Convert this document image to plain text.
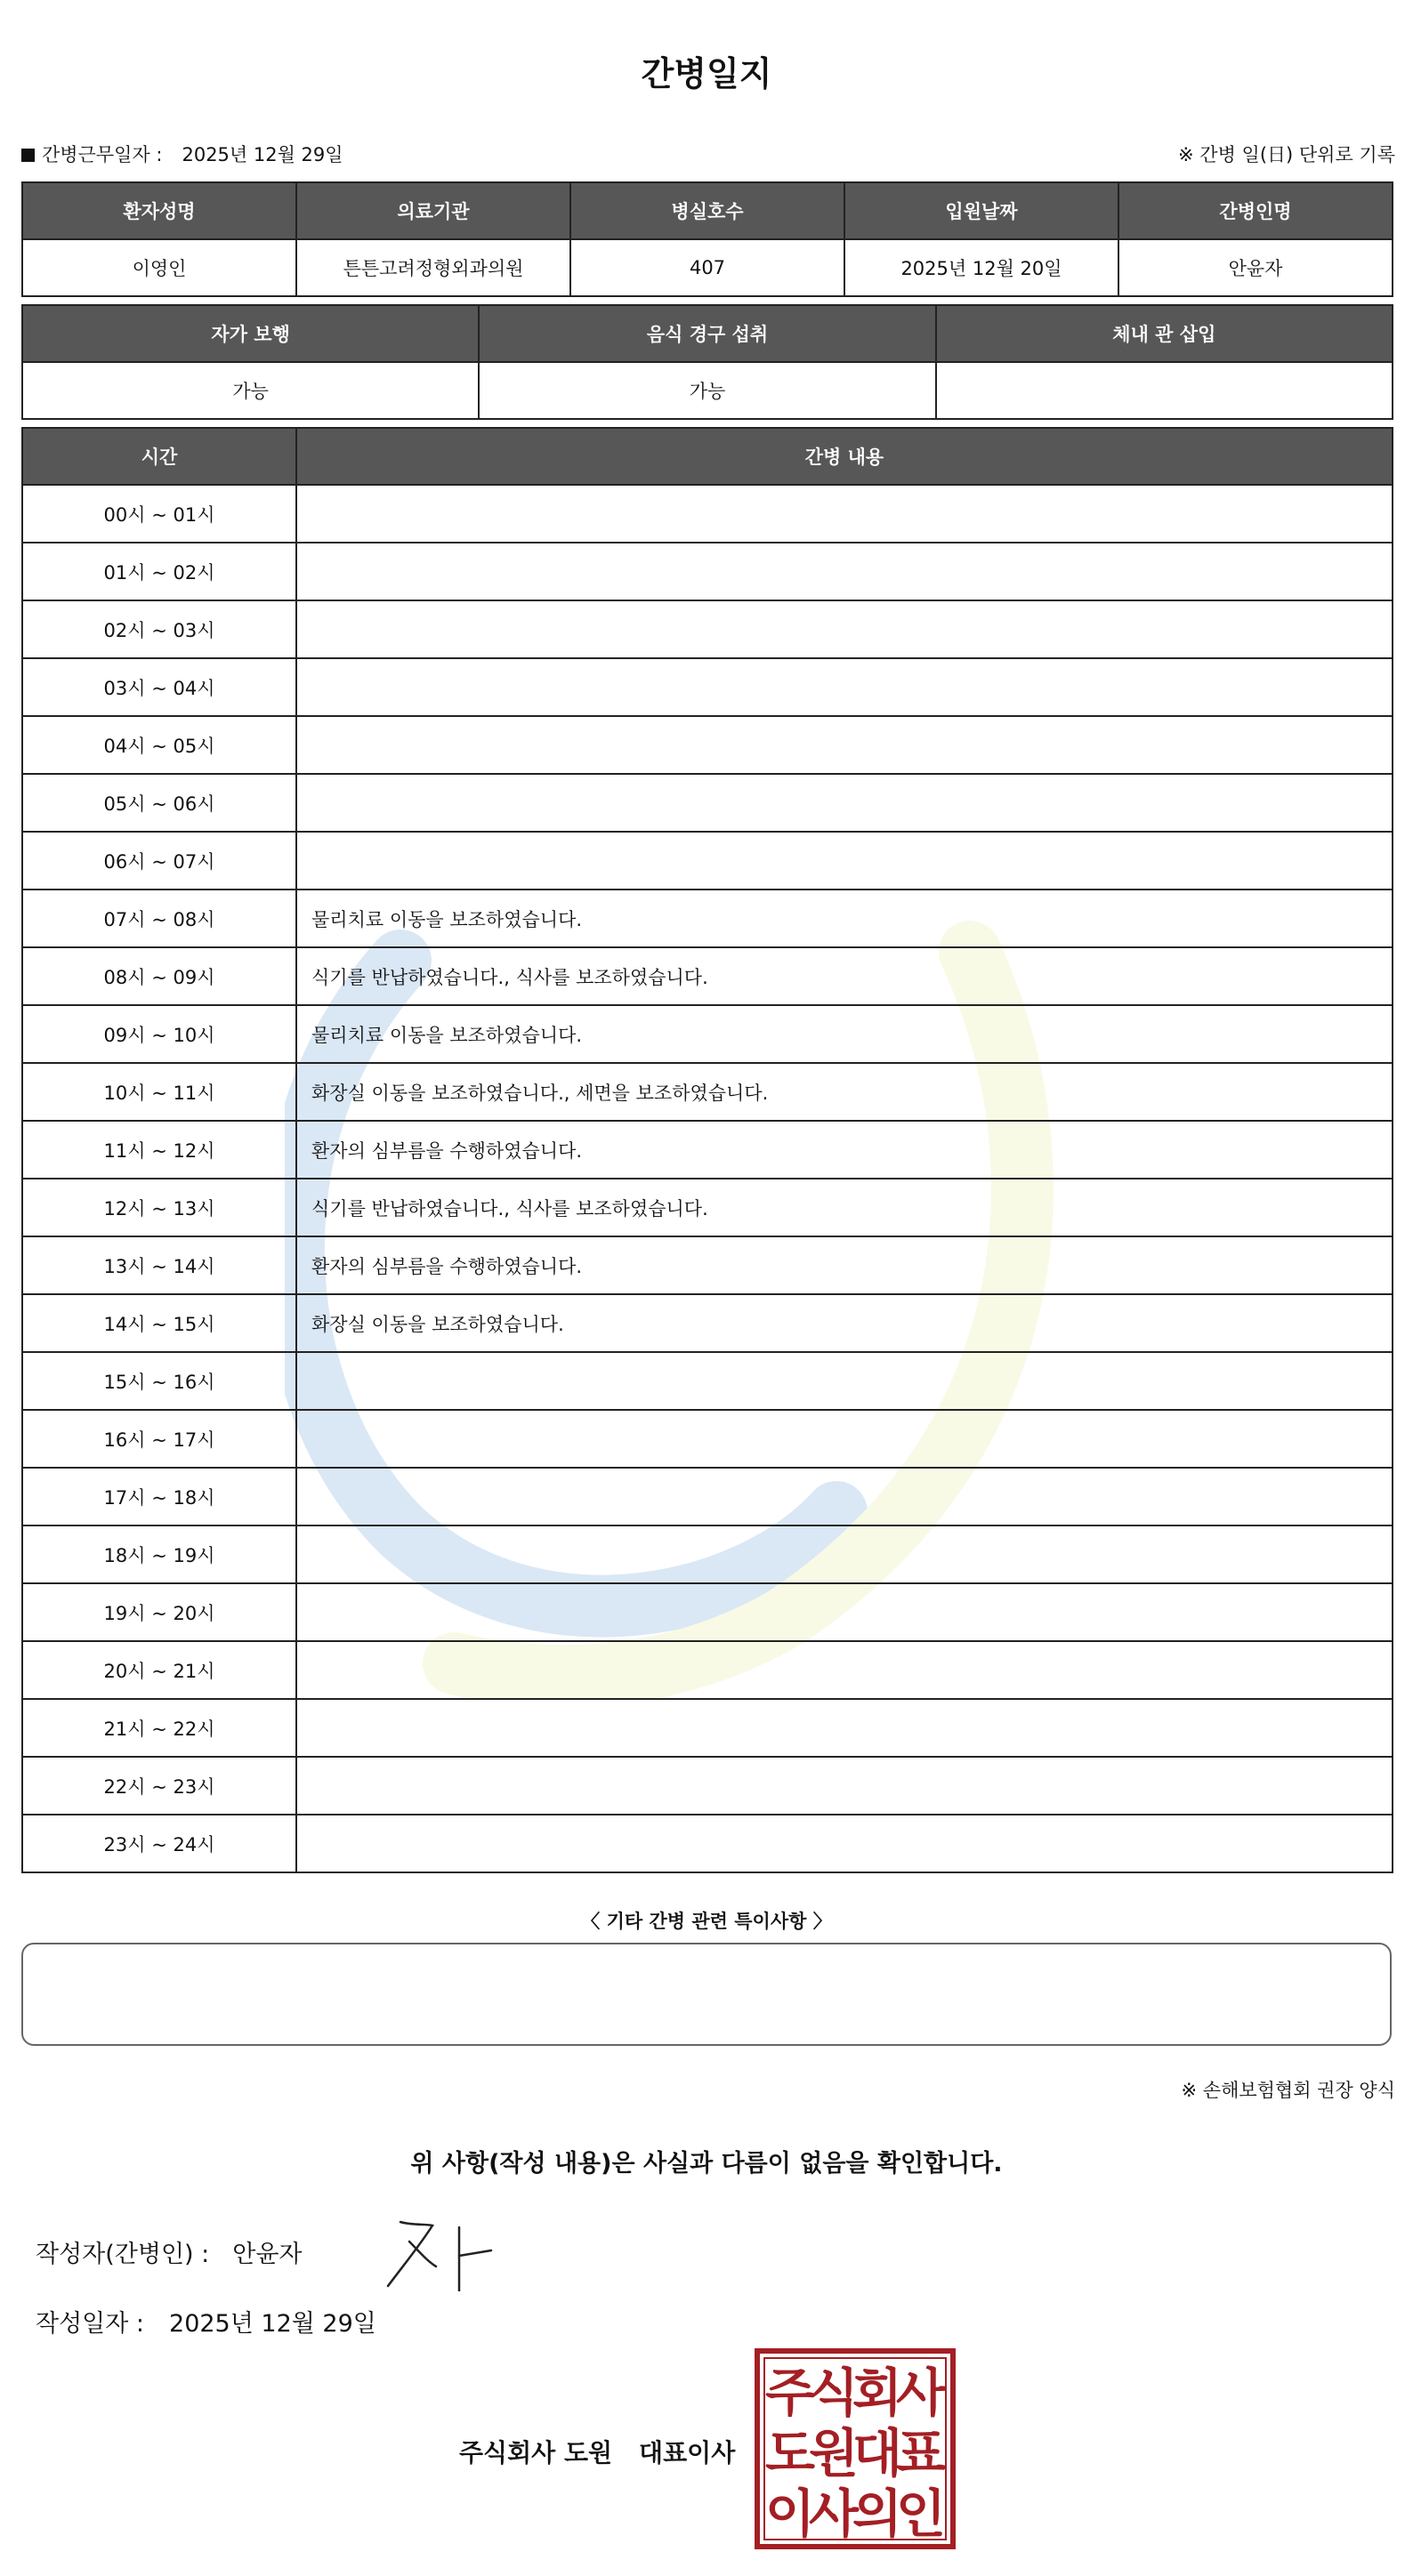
간병일지
간병근무일자 : 2025년 12월 29일	※ 간병 일(日) 단위로 기록
환자성명	의료기관	병실호수	입원날짜	간병인명
이영인	튼튼고려정형외과의원	407	2025년 12월 20일	안윤자
자가 보행	음식 경구 섭취	체내 관 삽입
가능	가능	
시간	간병 내용
00시 ~ 01시	
01시 ~ 02시	
02시 ~ 03시	
03시 ~ 04시	
04시 ~ 05시	
05시 ~ 06시	
06시 ~ 07시	
07시 ~ 08시	물리치료 이동을 보조하였습니다.
08시 ~ 09시	식기를 반납하였습니다., 식사를 보조하였습니다.
09시 ~ 10시	물리치료 이동을 보조하였습니다.
10시 ~ 11시	화장실 이동을 보조하였습니다., 세면을 보조하였습니다.
11시 ~ 12시	환자의 심부름을 수행하였습니다.
12시 ~ 13시	식기를 반납하였습니다., 식사를 보조하였습니다.
13시 ~ 14시	환자의 심부름을 수행하였습니다.
14시 ~ 15시	화장실 이동을 보조하였습니다.
15시 ~ 16시	
16시 ~ 17시	
17시 ~ 18시	
18시 ~ 19시	
19시 ~ 20시	
20시 ~ 21시	
21시 ~ 22시	
22시 ~ 23시	
23시 ~ 24시	
〈 기타 간병 관련 특이사항 〉
※ 손해보험협회 권장 양식
위 사항(작성 내용)은 사실과 다름이 없음을 확인합니다.
작성자(간병인) : 안윤자
작성일자 : 2025년 12월 29일
주식회사 도원 대표이사
주
식
회
사
도
원
대
표
이
사
의
인
